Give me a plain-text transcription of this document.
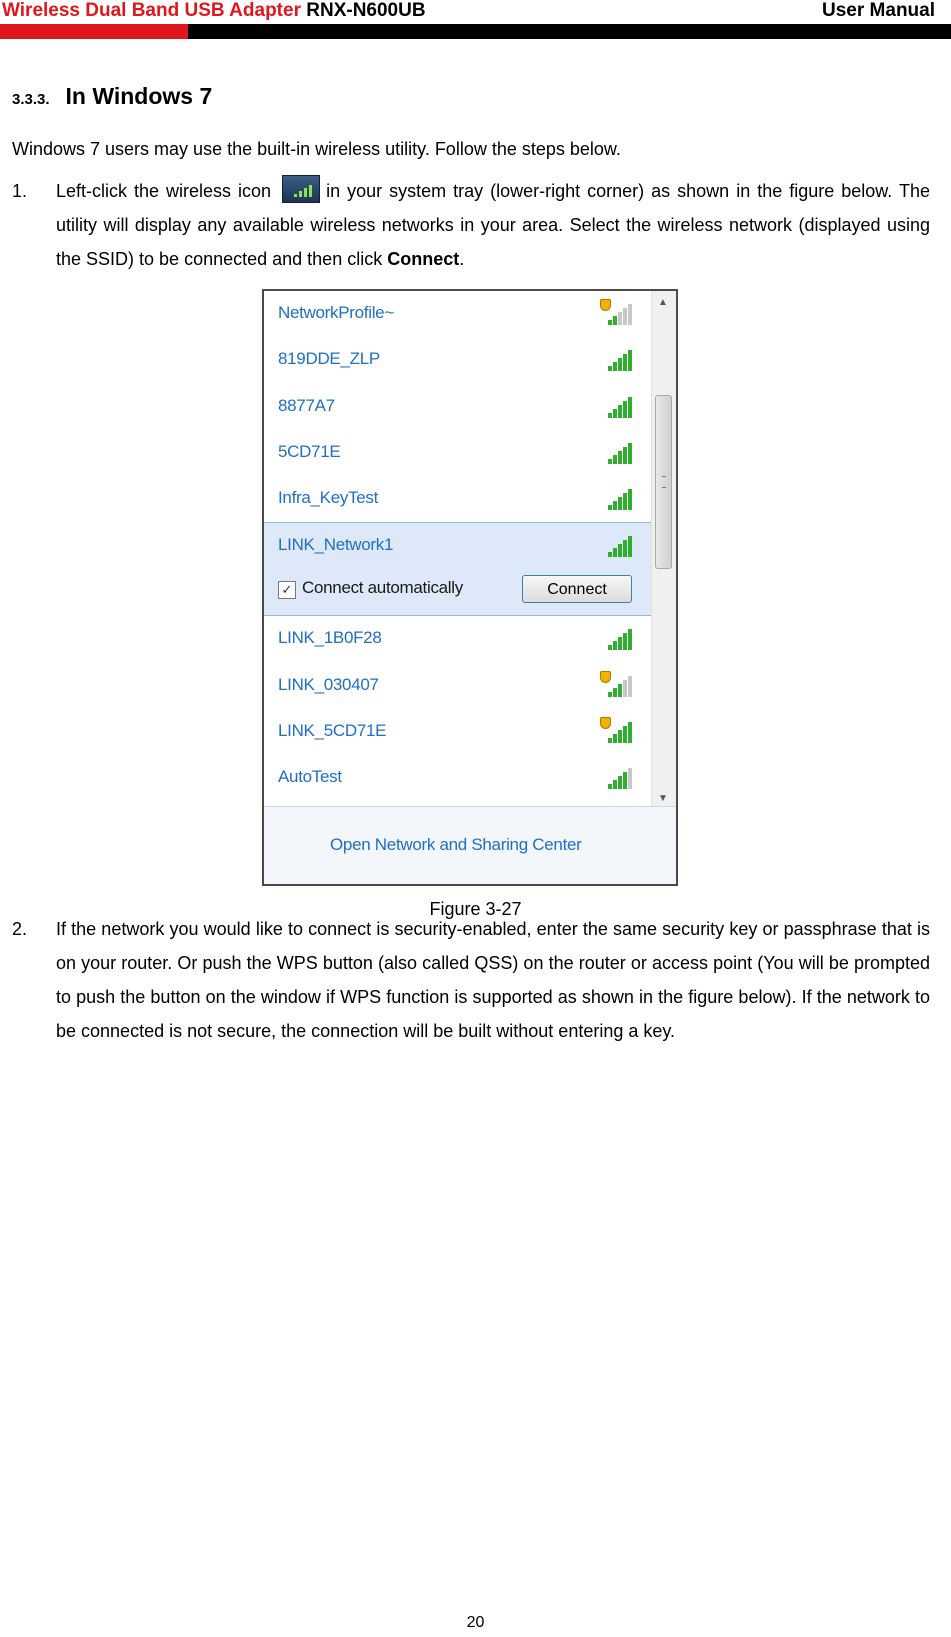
Wireless Dual Band USB Adapter RNX-N600UB	User Manual
3.3.3. In Windows 7
Windows 7 users may use the built-in wireless utility. Follow the steps below.
1. Left-click the wireless icon	in your system tray (lower-right corner) as shown in the figure below. The utility will display any available wireless networks in your area. Select the wireless network (displayed using the SSID) to be connected and then click Connect.
NetworkProfile~
819DDE_ZLP
8877A7
5CD71E
Infra_KeyTest
LINK_Network1
✓ Connect automatically	Connect
LINK_1B0F28
LINK_030407
LINK_5CD71E
AutoTest
▲
▼
Open Network and Sharing Center
Figure 3-27
2. If the network you would like to connect is security-enabled, enter the same security key or passphrase that is on your router. Or push the WPS button (also called QSS) on the router or access point (You will be prompted to push the button on the window if WPS function is supported as shown in the figure below). If the network to be connected is not secure, the connection will be built without entering a key.
20
